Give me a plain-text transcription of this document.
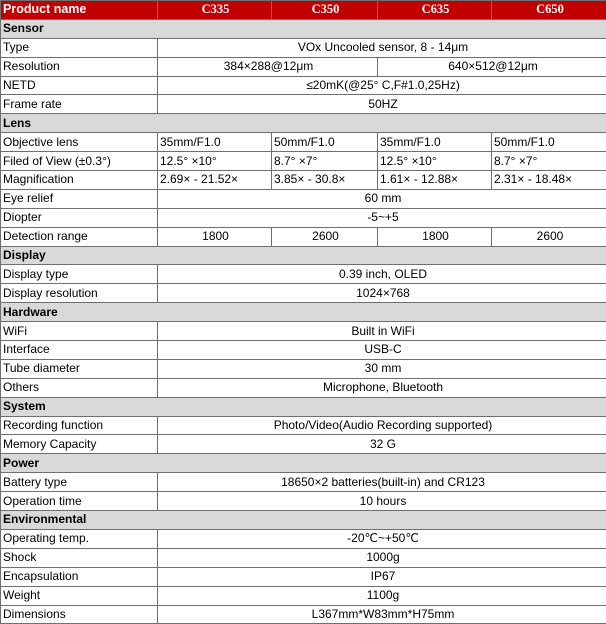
Product name	C335	C350	C635	C650
Sensor				
Type	VOx Uncooled sensor, 8 - 14μm			
Resolution	384×288@12μm		640×512@12μm	
NETD	≤20mK(@25° C,F#1.0,25Hz)			
Frame rate	50HZ			
Lens				
Objective lens	35mm/F1.0	50mm/F1.0	35mm/F1.0	50mm/F1.0
Filed of View (±0.3°)	12.5° ×10°	8.7° ×7°	12.5° ×10°	8.7° ×7°
Magnification	2.69× - 21.52×	3.85× - 30.8×	1.61× - 12.88×	2.31× - 18.48×
Eye relief	60 mm			
Diopter	-5~+5			
Detection range	1800	2600	1800	2600
Display				
Display type	0.39 inch, OLED			
Display resolution	1024×768			
Hardware				
WiFi	Built in WiFi			
Interface	USB-C			
Tube diameter	30 mm			
Others	Microphone, Bluetooth			
System				
Recording function	Photo/Video(Audio Recording supported)			
Memory Capacity	32 G			
Power				
Battery type	18650×2 batteries(built-in) and CR123			
Operation time	10 hours			
Environmental				
Operating temp.	-20℃~+50℃			
Shock	1000g			
Encapsulation	IP67			
Weight	1100g			
Dimensions	L367mm*W83mm*H75mm			
